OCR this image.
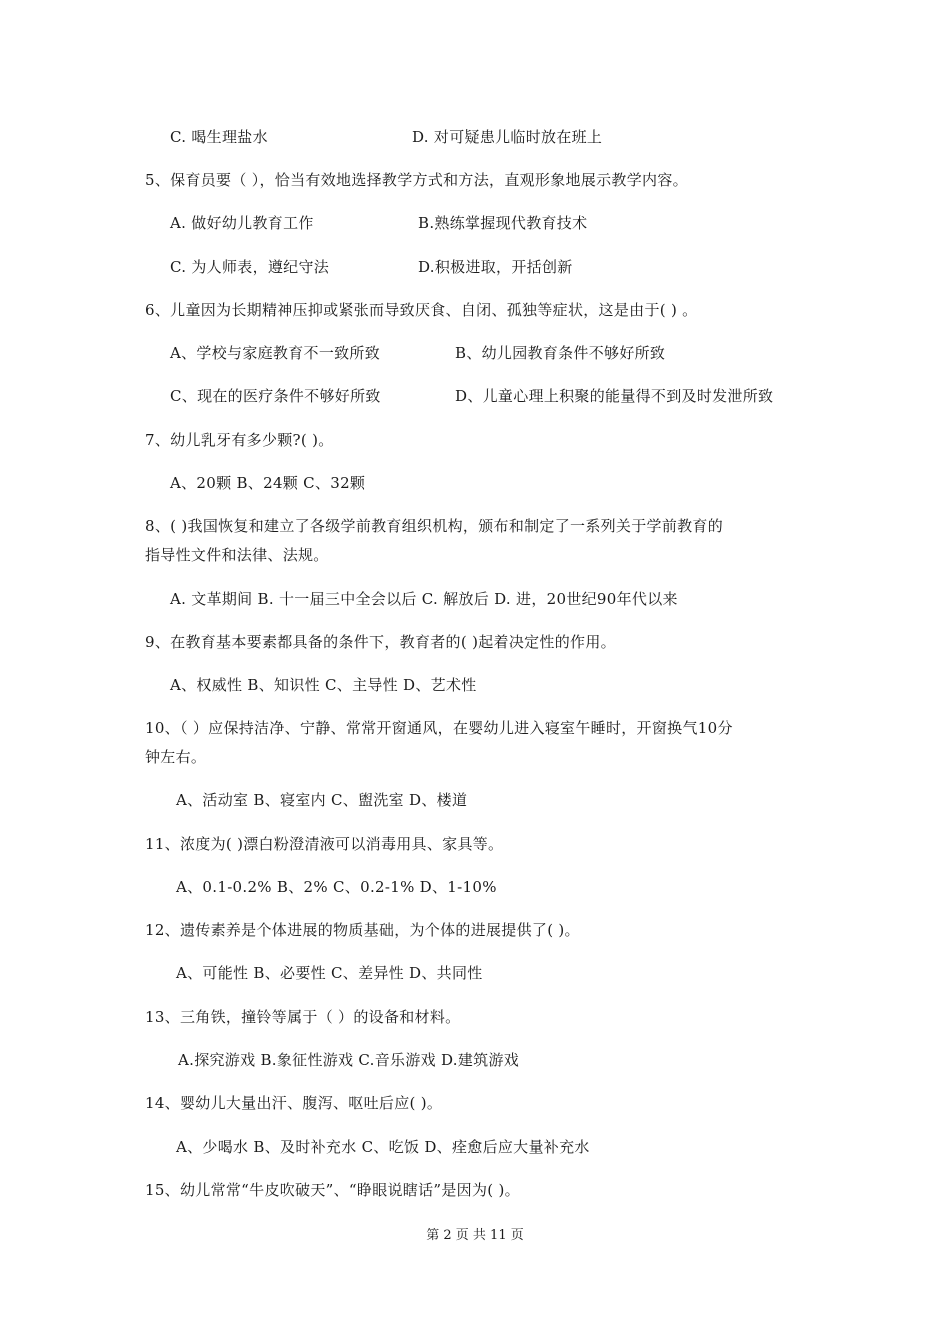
C. 喝生理盐水	D. 对可疑患儿临时放在班上
5、保育员要（ ），恰当有效地选择教学方式和方法，直观形象地展示教学内容。
A. 做好幼儿教育工作	B.熟练掌握现代教育技术
C. 为人师表，遵纪守法	D.积极进取，开括创新
6、儿童因为长期精神压抑或紧张而导致厌食、自闭、孤独等症状，这是由于( ) 。
A、学校与家庭教育不一致所致	B、幼儿园教育条件不够好所致
C、现在的医疗条件不够好所致	D、儿童心理上积聚的能量得不到及时发泄所致
7、幼儿乳牙有多少颗?( )。
A、20颗 B、24颗 C、32颗
8、( )我国恢复和建立了各级学前教育组织机构，颁布和制定了一系列关于学前教育的
指导性文件和法律、法规。
A. 文革期间 B. 十一届三中全会以后 C. 解放后 D. 进，20世纪90年代以来
9、在教育基本要素都具备的条件下，教育者的( )起着决定性的作用。
A、权威性 B、知识性 C、主导性 D、艺术性
10、（ ）应保持洁净、宁静、常常开窗通风，在婴幼儿进入寝室午睡时，开窗换气10分
钟左右。
A、活动室 B、寝室内 C、盥洗室 D、楼道
11、浓度为( )漂白粉澄清液可以消毒用具、家具等。
A、0.1-0.2% B、2% C、0.2-1% D、1-10%
12、遗传素养是个体进展的物质基础，为个体的进展提供了( )。
A、可能性 B、必要性 C、差异性 D、共同性
13、三角铁，撞铃等属于（ ）的设备和材料。
A.探究游戏 B.象征性游戏 C.音乐游戏 D.建筑游戏
14、婴幼儿大量出汗、腹泻、呕吐后应( )。
A、少喝水 B、及时补充水 C、吃饭 D、痊愈后应大量补充水
15、幼儿常常“牛皮吹破天”、“睁眼说瞎话”是因为( )。
第 2 页 共 11 页
